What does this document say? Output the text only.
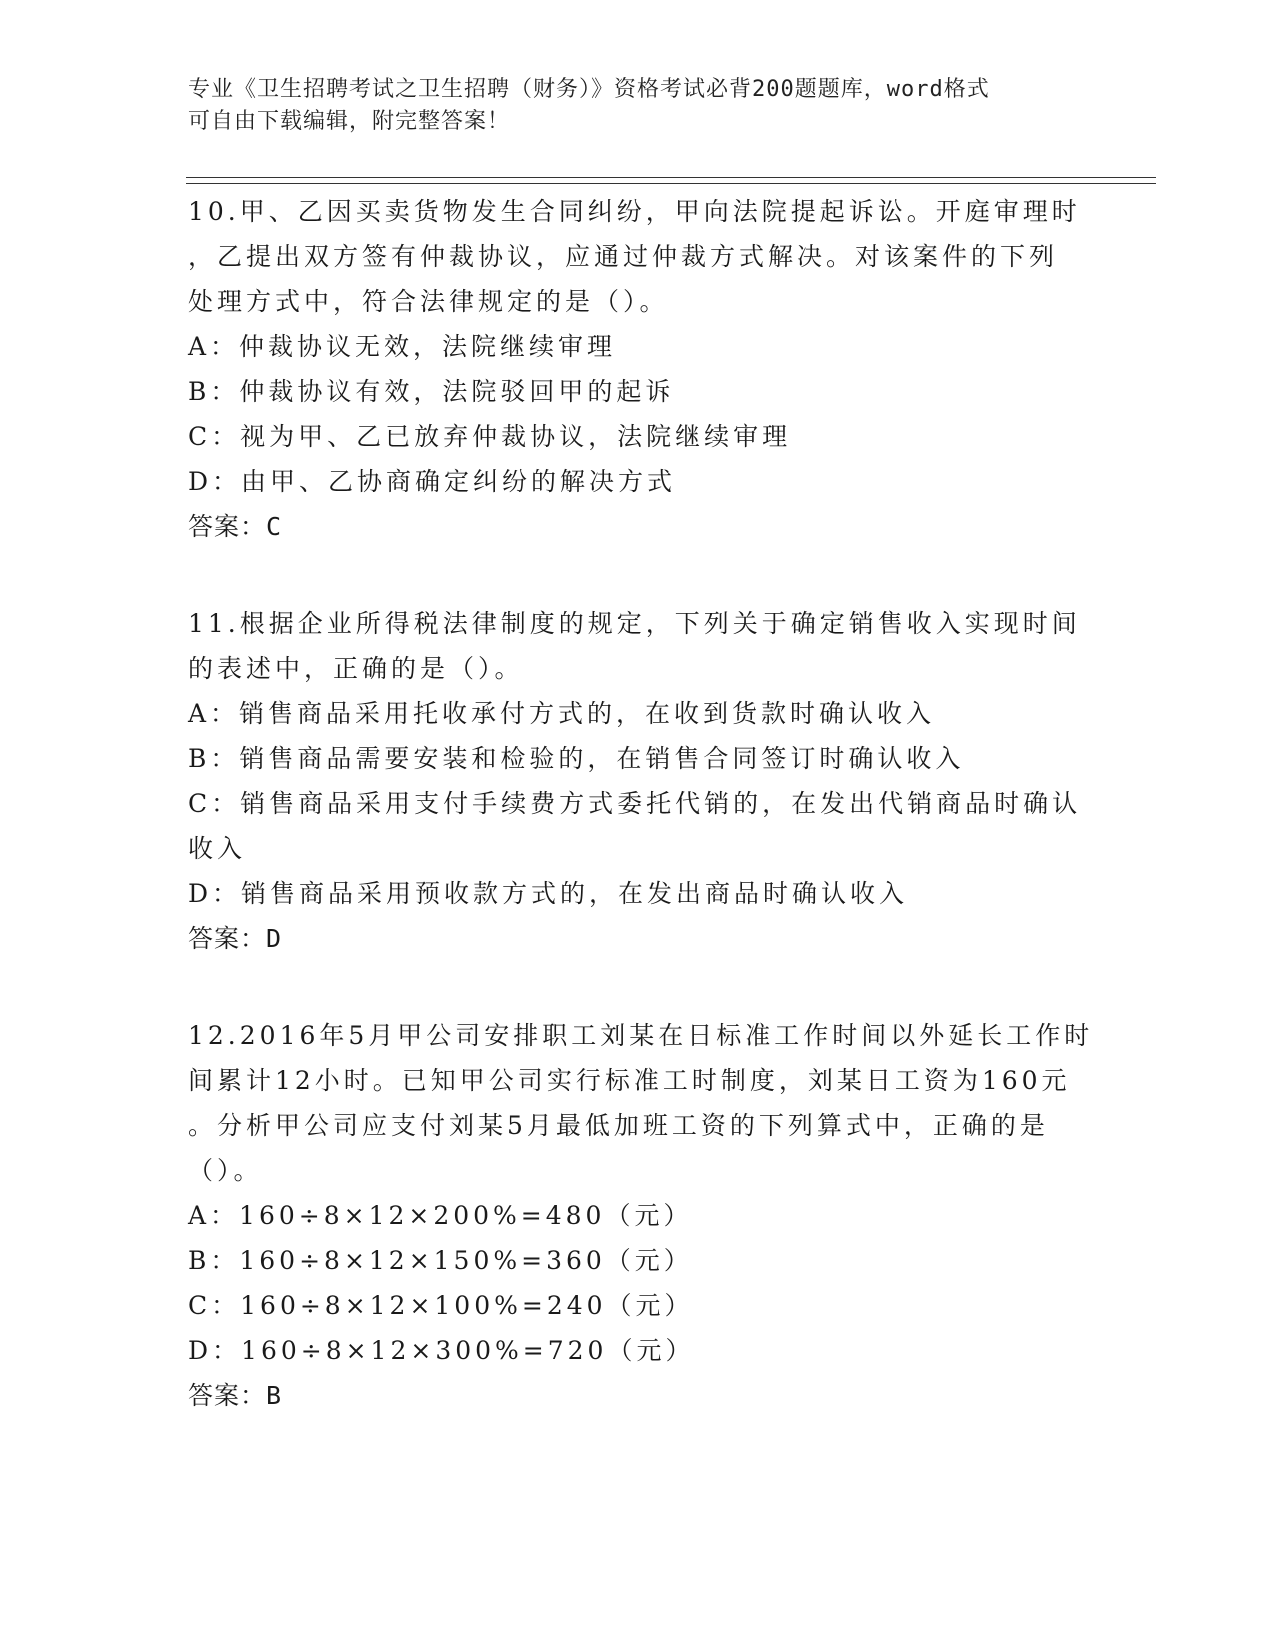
专业《卫生招聘考试之卫生招聘（财务）》资格考试必背200题题库，word格式
可自由下载编辑，附完整答案！
10.甲、乙因买卖货物发生合同纠纷，甲向法院提起诉讼。开庭审理时
，乙提出双方签有仲裁协议，应通过仲裁方式解决。对该案件的下列
处理方式中，符合法律规定的是（）。
A：仲裁协议无效，法院继续审理
B：仲裁协议有效，法院驳回甲的起诉
C：视为甲、乙已放弃仲裁协议，法院继续审理
D：由甲、乙协商确定纠纷的解决方式
答案：C
11.根据企业所得税法律制度的规定，下列关于确定销售收入实现时间
的表述中，正确的是（）。
A：销售商品采用托收承付方式的，在收到货款时确认收入
B：销售商品需要安装和检验的，在销售合同签订时确认收入
C：销售商品采用支付手续费方式委托代销的，在发出代销商品时确认
收入
D：销售商品采用预收款方式的，在发出商品时确认收入
答案：D
12.2016年5月甲公司安排职工刘某在日标准工作时间以外延长工作时
间累计12小时。已知甲公司实行标准工时制度，刘某日工资为160元
。分析甲公司应支付刘某5月最低加班工资的下列算式中，正确的是
（）。
A：160÷8×12×200%=480（元）
B：160÷8×12×150%=360（元）
C：160÷8×12×100%=240（元）
D：160÷8×12×300%=720（元）
答案：B
